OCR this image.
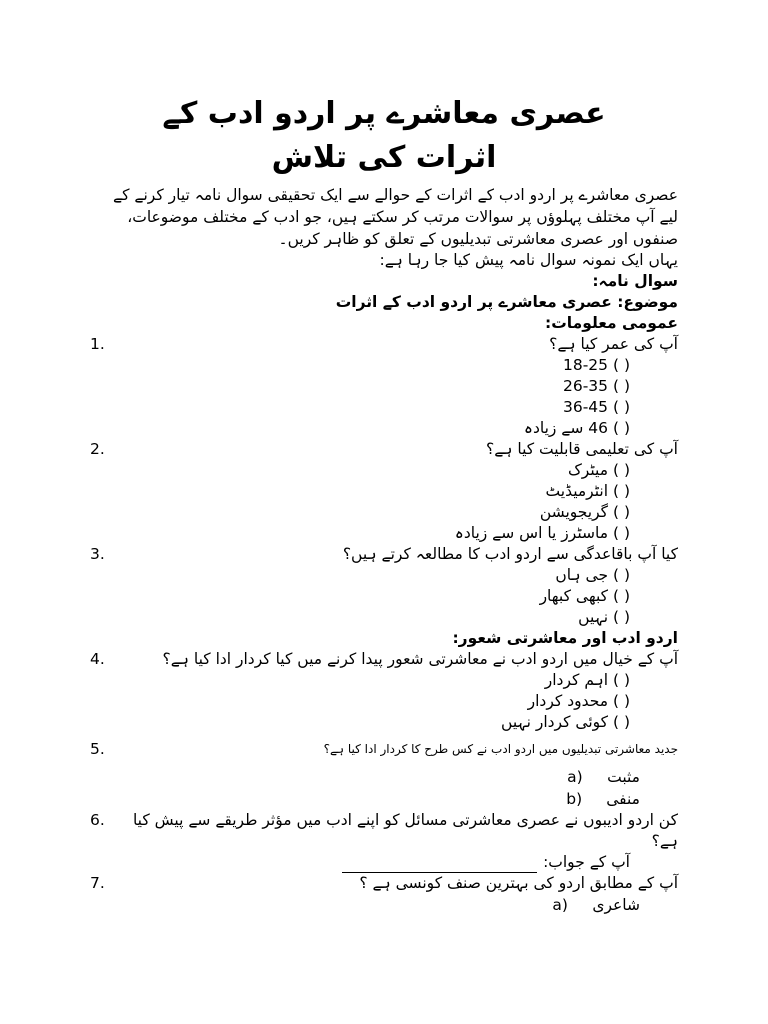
عصری معاشرے پر اردو ادب کے اثرات کی تلاش

عصری معاشرے پر اردو ادب کے اثرات کے حوالے سے ایک تحقیقی سوال نامہ تیار کرنے کے لیے آپ مختلف پہلوؤں پر سوالات مرتب کر سکتے ہیں، جو ادب کے مختلف موضوعات، صنفوں اور عصری معاشرتی تبدیلیوں کے تعلق کو ظاہر کریں۔

یہاں ایک نمونہ سوال نامہ پیش کیا جا رہا ہے:
سوال نامہ:
موضوع: عصری معاشرے پر اردو ادب کے اثرات
عمومی معلومات:
آپ کی عمر کیا ہے؟
1.
( ) 18-25
( ) 26-35
( ) 36-45
( ) 46 سے زیادہ
آپ کی تعلیمی قابلیت کیا ہے؟
2.
( ) میٹرک
( ) انٹرمیڈیٹ
( ) گریجویشن
( ) ماسٹرز یا اس سے زیادہ
کیا آپ باقاعدگی سے اردو ادب کا مطالعہ کرتے ہیں؟
3.
( ) جی ہاں
( ) کبھی کبھار
( ) نہیں
اردو ادب اور معاشرتی شعور:
آپ کے خیال میں اردو ادب نے معاشرتی شعور پیدا کرنے میں کیا کردار ادا کیا ہے؟
4.
( ) اہم کردار
( ) محدود کردار
( ) کوئی کردار نہیں
جدید معاشرتی تبدیلیوں میں اردو ادب نے کس طرح کا کردار ادا کیا ہے؟
5.
مثبت
a)
منفی
b)
کن اردو ادیبوں نے عصری معاشرتی مسائل کو اپنے ادب میں مؤثر طریقے سے پیش کیا ہے؟
6.
آپ کے جواب:
آپ کے مطابق اردو کی بہترین صنف کونسی ہے ؟
7.
شاعری
a)
